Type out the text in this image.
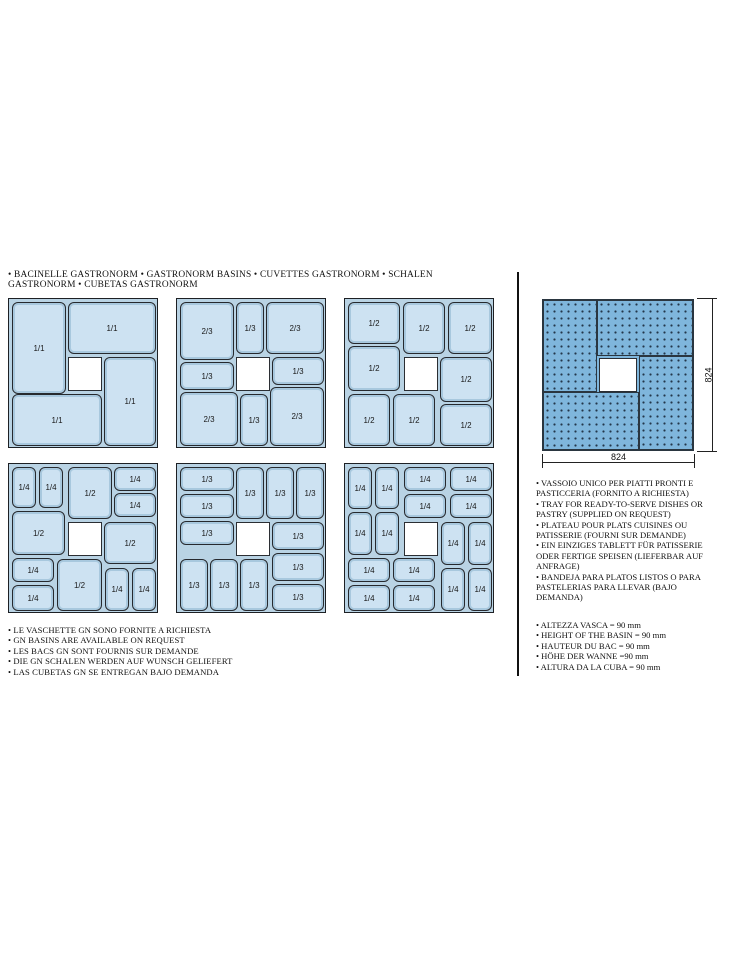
• BACINELLE GASTRONORM • GASTRONORM BASINS • CUVETTES GASTRONORM • SCHALEN
GASTRONORM • CUBETAS GASTRONORM
1/1
1/1
1/1
1/1
2/3	1/3	2/3
1/3
1/3
2/3	1/3	2/3
1/2
1/2	1/2
1/2
1/2
1/2	1/2
1/2
1/4	1/4
1/2
1/4
1/4
1/2
1/2
1/4
1/2
1/4
1/4	1/4
1/3
1/3
1/3
1/3	1/3	1/3
1/3
1/3
1/3
1/3	1/3	1/3
1/4	1/4
1/4	1/4
1/4	1/4
1/4	1/4
1/4	1/4
1/4	1/4
1/4	1/4
1/4	1/4
• LE VASCHETTE GN SONO FORNITE A RICHIESTA
• GN BASINS ARE AVAILABLE ON REQUEST
• LES BACS GN SONT FOURNIS SUR DEMANDE
• DIE GN SCHALEN WERDEN AUF WUNSCH GELIEFERT
• LAS CUBETAS GN SE ENTREGAN BAJO DEMANDA
824
824
• VASSOIO UNICO PER PIATTI PRONTI E
PASTICCERIA (FORNITO A RICHIESTA)
• TRAY FOR READY-TO-SERVE DISHES OR
PASTRY (SUPPLIED ON REQUEST)
• PLATEAU POUR PLATS CUISINES OU
PATISSERIE (FOURNI SUR DEMANDE)
• EIN EINZIGES TABLETT FÜR PATISSERIE
ODER FERTIGE SPEISEN (LIEFERBAR AUF
ANFRAGE)
• BANDEJA PARA PLATOS LISTOS O PARA
PASTELERIAS PARA LLEVAR (BAJO
DEMANDA)
• ALTEZZA VASCA = 90 mm
• HEIGHT OF THE BASIN = 90 mm
• HAUTEUR DU BAC = 90 mm
• HÖHE DER WANNE =90 mm
• ALTURA DA LA CUBA = 90 mm
